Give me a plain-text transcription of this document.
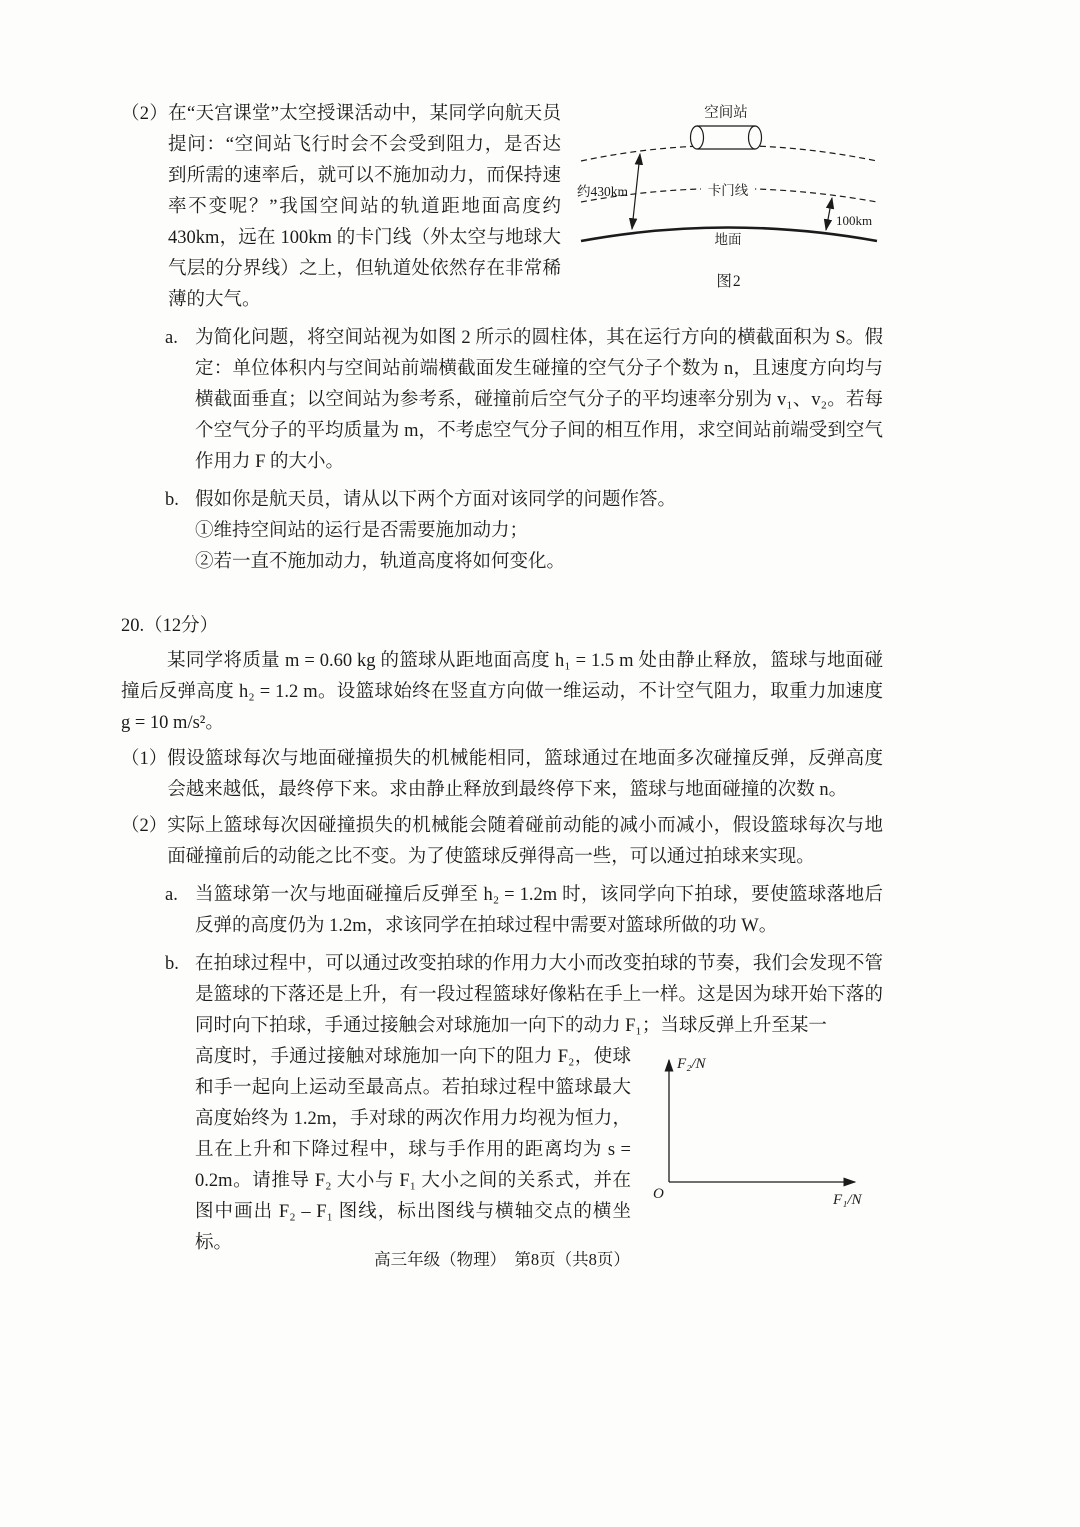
空间站
约430km	卡门线
地面
100km
图2

（2）在“天宫课堂”太空授课活动中，某同学向航天员提问：“空间站飞行时会不会受到阻力，是否达到所需的速率后，就可以不施加动力，而保持速率不变呢？”我国空间站的轨道距地面高度约 430km，远在 100km 的卡门线（外太空与地球大气层的分界线）之上，但轨道处依然存在非常稀薄的大气。

a. 为简化问题，将空间站视为如图 2 所示的圆柱体，其在运行方向的横截面积为 S。假定：单位体积内与空间站前端横截面发生碰撞的空气分子个数为 n，且速度方向均与横截面垂直；以空间站为参考系，碰撞前后空气分子的平均速率分别为 v₁、v₂。若每个空气分子的平均质量为 m，不考虑空气分子间的相互作用，求空间站前端受到空气作用力 F 的大小。
b. 假如你是航天员，请从以下两个方面对该同学的问题作答。

①维持空间站的运行是否需要施加动力；

②若一直不施加动力，轨道高度将如何变化。

20.（12分）

某同学将质量 m = 0.60 kg 的篮球从距地面高度 h₁ = 1.5 m 处由静止释放，篮球与地面碰撞后反弹高度 h₂ = 1.2 m。设篮球始终在竖直方向做一维运动，不计空气阻力，取重力加速度 g = 10 m/s²。

（1） 假设篮球每次与地面碰撞损失的机械能相同，篮球通过在地面多次碰撞反弹，反弹高度会越来越低，最终停下来。求由静止释放到最终停下来，篮球与地面碰撞的次数 n。
（2） 实际上篮球每次因碰撞损失的机械能会随着碰前动能的减小而减小，假设篮球每次与地面碰撞前后的动能之比不变。为了使篮球反弹得高一些，可以通过拍球来实现。
a. 当篮球第一次与地面碰撞后反弹至 h₂ = 1.2m 时，该同学向下拍球，要使篮球落地后反弹的高度仍为 1.2m，求该同学在拍球过程中需要对篮球所做的功 W。
b. 在拍球过程中，可以通过改变拍球的作用力大小而改变拍球的节奏，我们会发现不管是篮球的下落还是上升，有一段过程篮球好像粘在手上一样。这是因为球开始下落的同时向下拍球，手通过接触会对球施加一向下的动力 F₁；当球反弹上升至某一

高度时，手通过接触对球施加一向下的阻力 F₂，使球和手一起向上运动至最高点。若拍球过程中篮球最大高度始终为 1.2m，手对球的两次作用力均视为恒力，且在上升和下降过程中，球与手作用的距离均为 s = 0.2m。请推导 F₂ 大小与 F₁ 大小之间的关系式，并在图中画出 F₂ – F₁ 图线，标出图线与横轴交点的横坐标。

F₂/N
O	F₁/N
高三年级（物理）　第8页（共8页）
